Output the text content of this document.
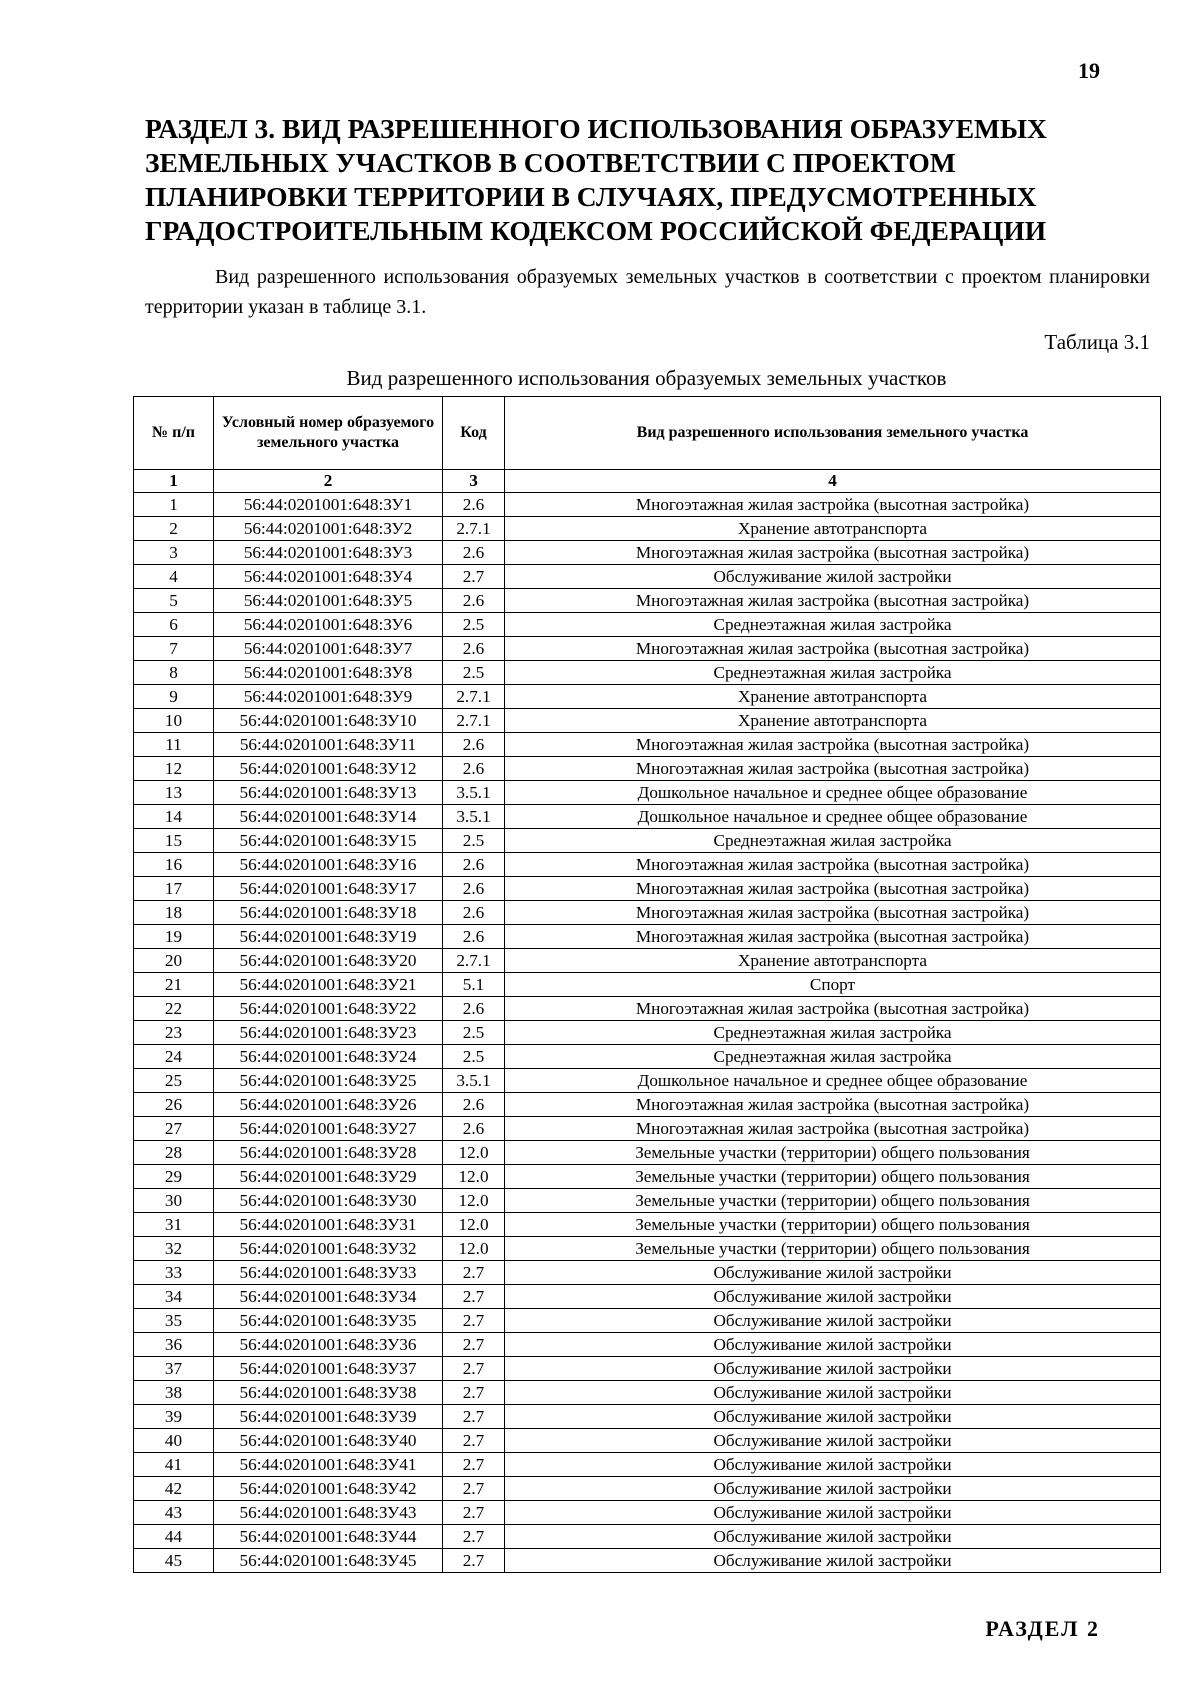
19
РАЗДЕЛ 3. ВИД РАЗРЕШЕННОГО ИСПОЛЬЗОВАНИЯ ОБРАЗУЕМЫХ
ЗЕМЕЛЬНЫХ УЧАСТКОВ В СООТВЕТСТВИИ С ПРОЕКТОМ
ПЛАНИРОВКИ ТЕРРИТОРИИ В СЛУЧАЯХ, ПРЕДУСМОТРЕННЫХ
ГРАДОСТРОИТЕЛЬНЫМ КОДЕКСОМ РОССИЙСКОЙ ФЕДЕРАЦИИ
Вид разрешенного использования образуемых земельных участков в соответствии с проектом планировки территории указан в таблице 3.1.
Таблица 3.1
Вид разрешенного использования образуемых земельных участков
№ п/п	Условный номер образуемого земельного участка	Код	Вид разрешенного использования земельного участка
1	2	3	4
1	56:44:0201001:648:ЗУ1	2.6	Многоэтажная жилая застройка (высотная застройка)
2	56:44:0201001:648:ЗУ2	2.7.1	Хранение автотранспорта
3	56:44:0201001:648:ЗУ3	2.6	Многоэтажная жилая застройка (высотная застройка)
4	56:44:0201001:648:ЗУ4	2.7	Обслуживание жилой застройки
5	56:44:0201001:648:ЗУ5	2.6	Многоэтажная жилая застройка (высотная застройка)
6	56:44:0201001:648:ЗУ6	2.5	Среднеэтажная жилая застройка
7	56:44:0201001:648:ЗУ7	2.6	Многоэтажная жилая застройка (высотная застройка)
8	56:44:0201001:648:ЗУ8	2.5	Среднеэтажная жилая застройка
9	56:44:0201001:648:ЗУ9	2.7.1	Хранение автотранспорта
10	56:44:0201001:648:ЗУ10	2.7.1	Хранение автотранспорта
11	56:44:0201001:648:ЗУ11	2.6	Многоэтажная жилая застройка (высотная застройка)
12	56:44:0201001:648:ЗУ12	2.6	Многоэтажная жилая застройка (высотная застройка)
13	56:44:0201001:648:ЗУ13	3.5.1	Дошкольное начальное и среднее общее образование
14	56:44:0201001:648:ЗУ14	3.5.1	Дошкольное начальное и среднее общее образование
15	56:44:0201001:648:ЗУ15	2.5	Среднеэтажная жилая застройка
16	56:44:0201001:648:ЗУ16	2.6	Многоэтажная жилая застройка (высотная застройка)
17	56:44:0201001:648:ЗУ17	2.6	Многоэтажная жилая застройка (высотная застройка)
18	56:44:0201001:648:ЗУ18	2.6	Многоэтажная жилая застройка (высотная застройка)
19	56:44:0201001:648:ЗУ19	2.6	Многоэтажная жилая застройка (высотная застройка)
20	56:44:0201001:648:ЗУ20	2.7.1	Хранение автотранспорта
21	56:44:0201001:648:ЗУ21	5.1	Спорт
22	56:44:0201001:648:ЗУ22	2.6	Многоэтажная жилая застройка (высотная застройка)
23	56:44:0201001:648:ЗУ23	2.5	Среднеэтажная жилая застройка
24	56:44:0201001:648:ЗУ24	2.5	Среднеэтажная жилая застройка
25	56:44:0201001:648:ЗУ25	3.5.1	Дошкольное начальное и среднее общее образование
26	56:44:0201001:648:ЗУ26	2.6	Многоэтажная жилая застройка (высотная застройка)
27	56:44:0201001:648:ЗУ27	2.6	Многоэтажная жилая застройка (высотная застройка)
28	56:44:0201001:648:ЗУ28	12.0	Земельные участки (территории) общего пользования
29	56:44:0201001:648:ЗУ29	12.0	Земельные участки (территории) общего пользования
30	56:44:0201001:648:ЗУ30	12.0	Земельные участки (территории) общего пользования
31	56:44:0201001:648:ЗУ31	12.0	Земельные участки (территории) общего пользования
32	56:44:0201001:648:ЗУ32	12.0	Земельные участки (территории) общего пользования
33	56:44:0201001:648:ЗУ33	2.7	Обслуживание жилой застройки
34	56:44:0201001:648:ЗУ34	2.7	Обслуживание жилой застройки
35	56:44:0201001:648:ЗУ35	2.7	Обслуживание жилой застройки
36	56:44:0201001:648:ЗУ36	2.7	Обслуживание жилой застройки
37	56:44:0201001:648:ЗУ37	2.7	Обслуживание жилой застройки
38	56:44:0201001:648:ЗУ38	2.7	Обслуживание жилой застройки
39	56:44:0201001:648:ЗУ39	2.7	Обслуживание жилой застройки
40	56:44:0201001:648:ЗУ40	2.7	Обслуживание жилой застройки
41	56:44:0201001:648:ЗУ41	2.7	Обслуживание жилой застройки
42	56:44:0201001:648:ЗУ42	2.7	Обслуживание жилой застройки
43	56:44:0201001:648:ЗУ43	2.7	Обслуживание жилой застройки
44	56:44:0201001:648:ЗУ44	2.7	Обслуживание жилой застройки
45	56:44:0201001:648:ЗУ45	2.7	Обслуживание жилой застройки
РАЗДЕЛ 2
